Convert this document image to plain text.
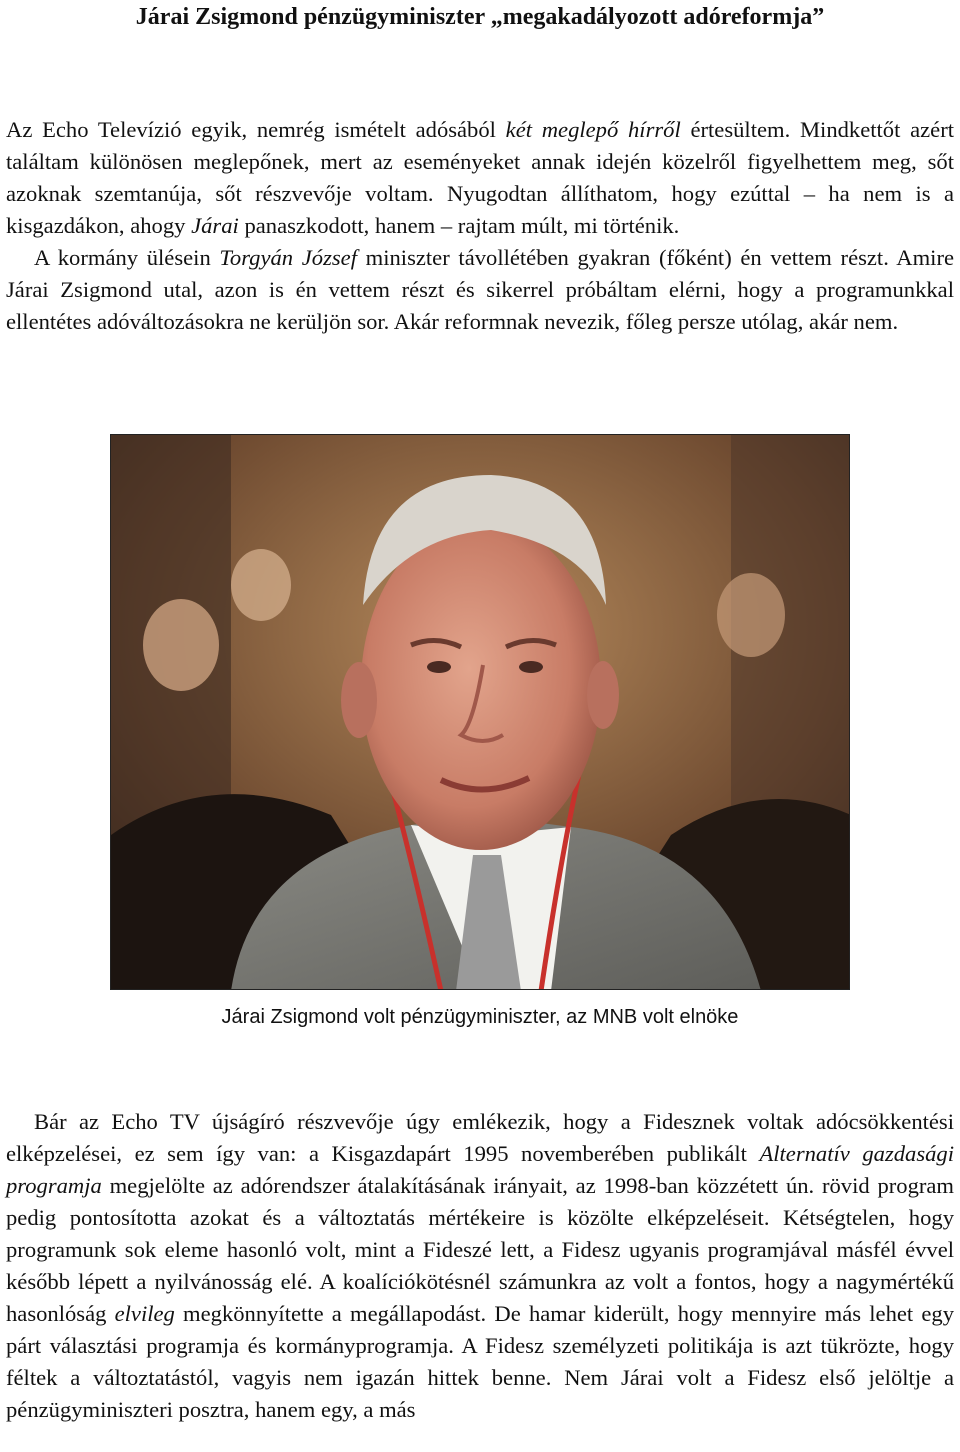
Járai Zsigmond pénzügyminiszter „megakadályozott adóreformja”

Az Echo Televízió egyik, nemrég ismételt adósából két meglepő hírről értesültem. Mindkettőt azért találtam különösen meglepőnek, mert az eseményeket annak idején közelről figyelhettem meg, sőt azoknak szemtanúja, sőt részvevője voltam. Nyugodtan állíthatom, hogy ezúttal – ha nem is a kisgazdákon, ahogy Járai panaszkodott, hanem – rajtam múlt, mi történik.

A kormány ülésein Torgyán József miniszter távollétében gyakran (főként) én vettem részt. Amire Járai Zsigmond utal, azon is én vettem részt és sikerrel próbáltam elérni, hogy a programunkkal ellentétes adóváltozásokra ne kerüljön sor. Akár reformnak nevezik, főleg persze utólag, akár nem.

Járai Zsigmond volt pénzügyminiszter, az MNB volt elnöke

Bár az Echo TV újságíró részvevője úgy emlékezik, hogy a Fidesznek voltak adócsökkentési elképzelései, ez sem így van: a Kisgazdapárt 1995 novemberében publikált Alternatív gazdasági programja megjelölte az adórendszer átalakításának irányait, az 1998-ban közzétett ún. rövid program pedig pontosította azokat és a változtatás mértékeire is közölte elképzeléseit. Kétségtelen, hogy programunk sok eleme hasonló volt, mint a Fideszé lett, a Fidesz ugyanis programjával másfél évvel később lépett a nyilvánosság elé. A koalíciókötésnél számunkra az volt a fontos, hogy a nagymértékű hasonlóság elvileg megkönnyítette a megállapodást. De hamar kiderült, hogy mennyire más lehet egy párt választási programja és kormányprogramja. A Fidesz személyzeti politikája is azt tükrözte, hogy féltek a változtatástól, vagyis nem igazán hittek benne. Nem Járai volt a Fidesz első jelöltje a pénzügyminiszteri posztra, hanem egy, a más
